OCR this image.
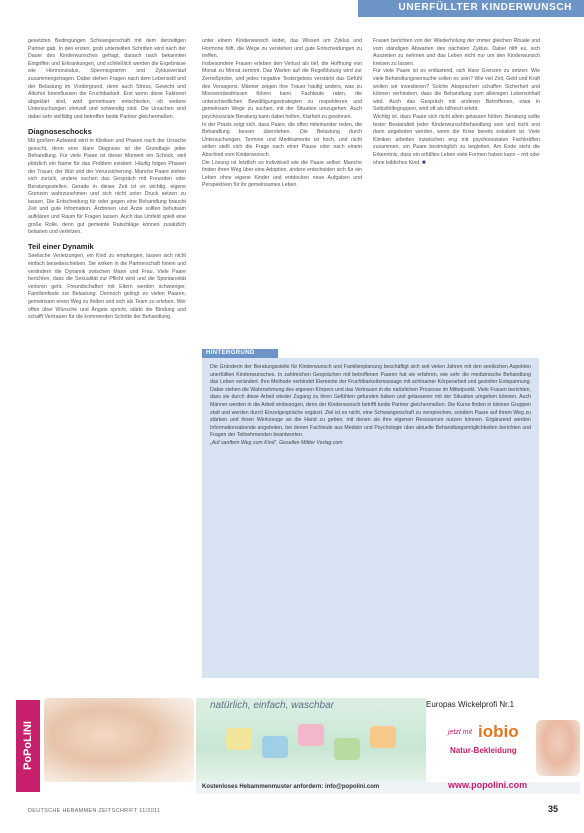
UNERFÜLLTER KINDERWUNSCH

gesetzten Bedingungen Schwangerschaft mit dem derzeitigen Partner gab. In den ersten, grob unterteilten Schritten wird nach der Dauer des Kinderwunsches gefragt, danach nach bekannten Eingriffen und Erkrankungen, und schließlich werden die Ergebnisse wie Hormonstatus, Spermiogramm und Zyklusverlauf zusammengetragen. Dabei stehen Fragen nach dem Lebensstil und der Belastung im Vordergrund, denn auch Stress, Gewicht und Alkohol beeinflussen die Fruchtbarkeit. Erst wenn diese Faktoren abgeklärt sind, wird gemeinsam entschieden, ob weitere Untersuchungen sinnvoll und notwendig sind. Die Ursachen sind dabei sehr vielfältig und betreffen beide Partner gleichermaßen.

Diagnoseschocks

Mit großem Aufwand wird in Kliniken und Praxen nach der Ursache gesucht, denn eine klare Diagnose ist die Grundlage jeder Behandlung. Für viele Paare ist dieser Moment ein Schock, weil plötzlich ein Name für das Problem existiert. Häufig folgen Phasen der Trauer, der Wut und der Verunsicherung. Manche Paare ziehen sich zurück, andere suchen das Gespräch mit Freunden oder Beratungsstellen. Gerade in dieser Zeit ist es wichtig, eigene Grenzen wahrzunehmen und sich nicht unter Druck setzen zu lassen. Die Entscheidung für oder gegen eine Behandlung braucht Zeit und gute Information. Ärztinnen und Ärzte sollten behutsam aufklären und Raum für Fragen lassen. Auch das Umfeld spielt eine große Rolle, denn gut gemeinte Ratschläge können zusätzlich belasten und verletzen.

Teil einer Dynamik

Seelische Verletzungen, ein Kind zu empfangen, lassen sich nicht einfach beiseiteschieben. Sie wirken in die Partnerschaft hinein und verändern die Dynamik zwischen Mann und Frau. Viele Paare berichten, dass die Sexualität zur Pflicht wird und die Spontaneität verloren geht. Freundschaften mit Eltern werden schwieriger, Familienfeste zur Belastung. Dennoch gelingt es vielen Paaren, gemeinsam einen Weg zu finden und sich als Team zu erleben. Wer offen über Wünsche und Ängste spricht, stärkt die Bindung und schafft Vertrauen für die kommenden Schritte der Behandlung.

unter einem Kinderwunsch leidet, das Wissen um Zyklus und Hormone hilft, die Wege zu verstehen und gute Entscheidungen zu treffen.

Insbesondere Frauen erleben den Verlust als tief, die Hoffnung von Monat zu Monat zerrinnt. Das Warten auf die Regelblutung wird zur Zerreißprobe, und jedes negative Testergebnis verstärkt das Gefühl des Versagens. Männer zeigen ihre Trauer häufig anders, was zu Missverständnissen führen kann. Fachleute raten, die unterschiedlichen Bewältigungsstrategien zu respektieren und gemeinsam Wege zu suchen, mit der Situation umzugehen. Auch psychosoziale Beratung kann dabei helfen, Klarheit zu gewinnen.

In der Praxis zeigt sich, dass Paare, die offen miteinander reden, die Behandlung besser überstehen. Die Belastung durch Untersuchungen, Termine und Medikamente ist hoch, und nicht selten stellt sich die Frage nach einer Pause oder nach einem Abschied vom Kinderwunsch.

Die Lösung ist letztlich so individuell wie die Paare selbst: Manche finden ihren Weg über eine Adoption, andere entscheiden sich für ein Leben ohne eigene Kinder und entdecken neue Aufgaben und Perspektiven für ihr gemeinsames Leben.

Frauen berichten von der Wiederholung der immer gleichen Rituale und vom ständigen Abwarten des nächsten Zyklus. Dabei hilft es, sich Auszeiten zu nehmen und das Leben nicht nur um den Kinderwunsch kreisen zu lassen.

Für viele Paare ist es entlastend, sich klare Grenzen zu setzen: Wie viele Behandlungsversuche sollen es sein? Wie viel Zeit, Geld und Kraft wollen wir investieren? Solche Absprachen schaffen Sicherheit und können verhindern, dass die Behandlung zum alleinigen Lebensinhalt wird. Auch das Gespräch mit anderen Betroffenen, etwa in Selbsthilfegruppen, wird oft als hilfreich erlebt.

Wichtig ist, dass Paare sich nicht allein gelassen fühlen. Beratung sollte fester Bestandteil jeder Kinderwunschbehandlung sein und nicht erst dann angeboten werden, wenn die Krise bereits eskaliert ist. Viele Kliniken arbeiten inzwischen eng mit psychosozialen Fachkräften zusammen, um Paare bestmöglich zu begleiten. Am Ende steht die Erkenntnis, dass ein erfülltes Leben viele Formen haben kann – mit oder ohne leibliches Kind. ■

HINTERGRUND
Die Gründerin der Beratungsstelle für Kinderwunsch und Familienplanung beschäftigt sich seit vielen Jahren mit den seelischen Aspekten unerfüllten Kinderwunsches. In zahlreichen Gesprächen mit betroffenen Paaren hat sie erfahren, wie sehr die medizinische Behandlung das Leben verändert. Ihre Methode verbindet Elemente der Fruchtbarkeitsmassage mit achtsamer Körperarbeit und gezielter Entspannung. Dabei stehen die Wahrnehmung des eigenen Körpers und das Vertrauen in die natürlichen Prozesse im Mittelpunkt. Viele Frauen berichten, dass sie durch diese Arbeit wieder Zugang zu ihren Gefühlen gefunden haben und gelassener mit der Situation umgehen können. Auch Männer werden in die Arbeit einbezogen, denn der Kinderwunsch betrifft beide Partner gleichermaßen. Die Kurse finden in kleinen Gruppen statt und werden durch Einzelgespräche ergänzt. Ziel ist es nicht, eine Schwangerschaft zu versprechen, sondern Paare auf ihrem Weg zu stärken und ihnen Werkzeuge an die Hand zu geben, mit denen sie ihre eigenen Ressourcen nutzen können. Ergänzend werden Informationsabende angeboten, bei denen Fachleute aus Medizin und Psychologie über aktuelle Behandlungsmöglichkeiten berichten und Fragen der Teilnehmenden beantworten.
„Auf sanftem Weg zum Kind“, Gesellen Mittler Verlag.com
PoPoLINI
natürlich, einfach, waschbar	Europas Wickelprofi Nr.1
jetzt mit iobio
Natur-Bekleidung
Kostenloses Hebammenmuster anfordern: info@popolini.com	www.popolini.com
DEUTSCHE HEBAMMEN ZEITSCHRIFT 11/2011	35
